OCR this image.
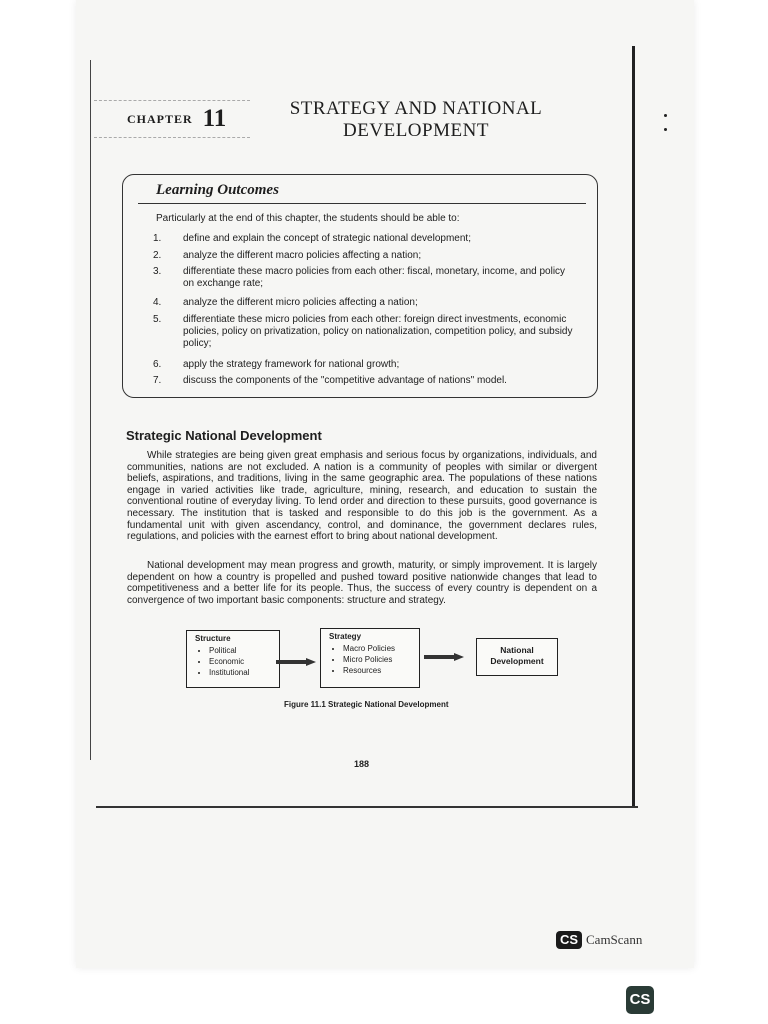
CHAPTER 11	STRATEGY AND NATIONAL
DEVELOPMENT
Learning Outcomes
Particularly at the end of this chapter, the students should be able to:
1.	define and explain the concept of strategic national development;
2.	analyze the different macro policies affecting a nation;
3.	differentiate these macro policies from each other: fiscal, monetary, income, and policy on exchange rate;
4.	analyze the different micro policies affecting a nation;
5.	differentiate these micro policies from each other: foreign direct investments, economic policies, policy on privatization, policy on nationalization, competition policy, and subsidy policy;
6.	apply the strategy framework for national growth;
7.	discuss the components of the "competitive advantage of nations" model.
Strategic National Development
While strategies are being given great emphasis and serious focus by organizations, individuals, and communities, nations are not excluded. A nation is a community of peoples with similar or divergent beliefs, aspirations, and traditions, living in the same geographic area. The populations of these nations engage in varied activities like trade, agriculture, mining, research, and education to sustain the conventional routine of everyday living. To lend order and direction to these pursuits, good governance is necessary. The institution that is tasked and responsible to do this job is the government. As a fundamental unit with given ascendancy, control, and dominance, the government declares rules, regulations, and policies with the earnest effort to bring about national development.
National development may mean progress and growth, maturity, or simply improvement. It is largely dependent on how a country is propelled and pushed toward positive nationwide changes that lead to competitiveness and a better life for its people. Thus, the success of every country is dependent on a convergence of two important basic components: structure and strategy.
Structure
• Political
• Economic
• Institutional
Strategy
• Macro Policies
• Micro Policies
• Resources
National
Development
Figure 11.1 Strategic National Development
188
CS CamScann
CS
